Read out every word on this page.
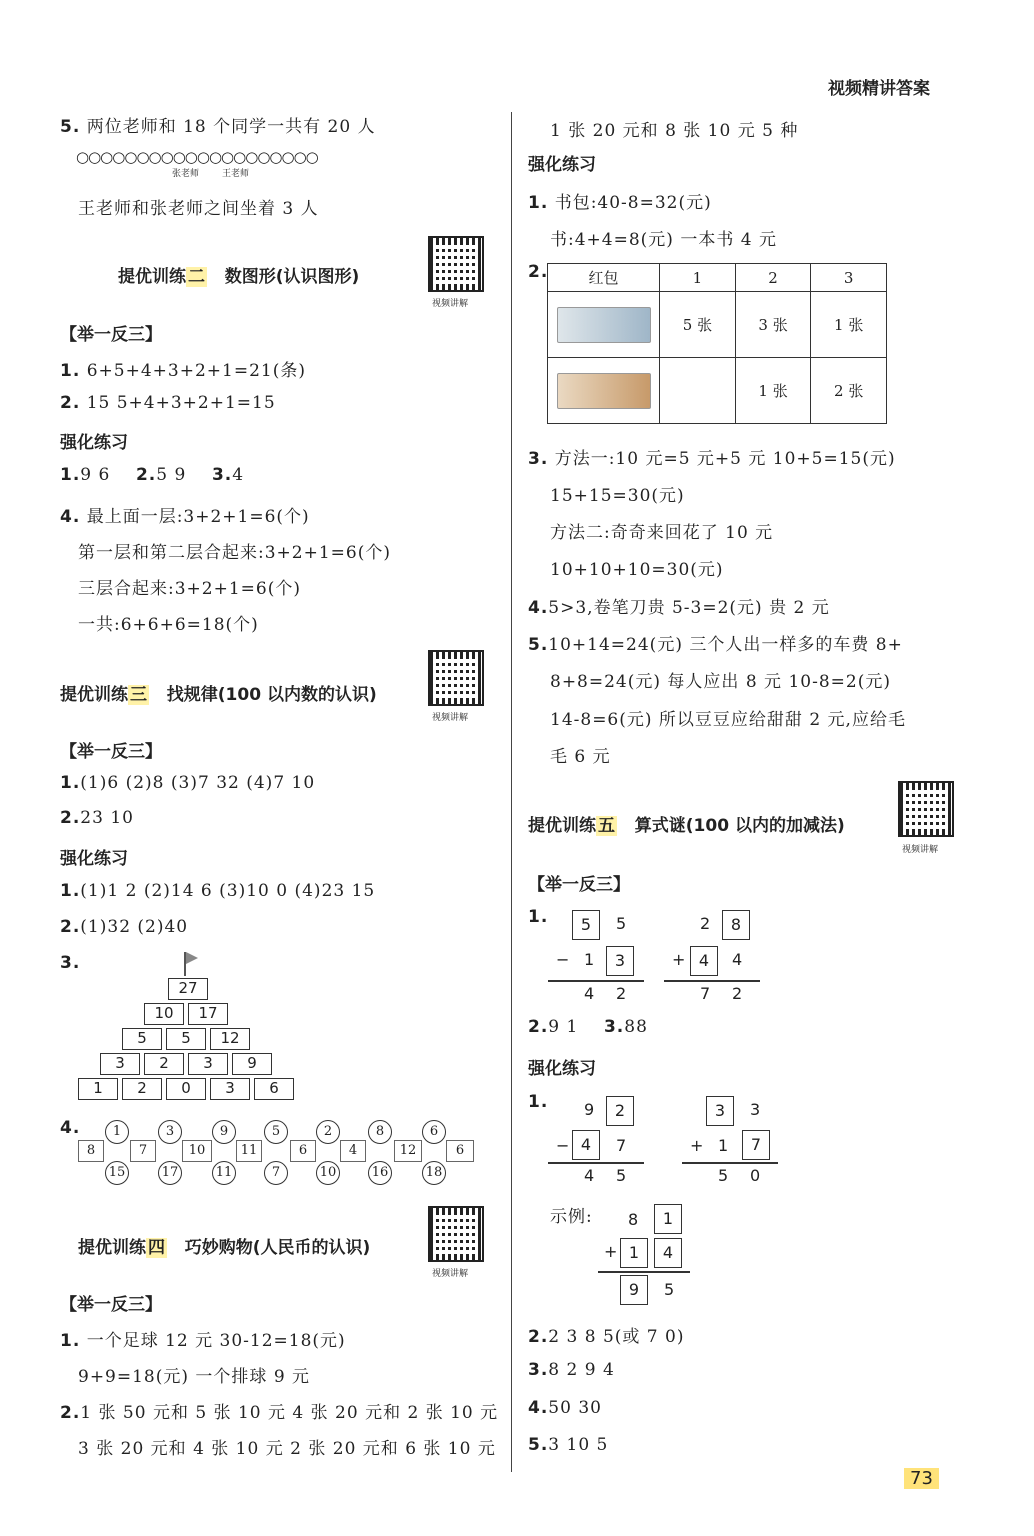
视频精讲答案
5. 两位老师和 18 个同学一共有 20 人
○○○○○○○○○○○○○○○○○○○○
张老师	王老师
王老师和张老师之间坐着 3 人
提优训练 二 数图形(认识图形)
视频讲解
【举一反三】
1. 6+5+4+3+2+1=21(条)
2. 15 5+4+3+2+1=15
强化练习
1.9 6 2.5 9 3.4
4. 最上面一层:3+2+1=6(个)
第一层和第二层合起来:3+2+1=6(个)
三层合起来:3+2+1=6(个)
一共:6+6+6=18(个)
提优训练 三 找规律(100 以内数的认识)
视频讲解
【举一反三】
1.(1)6 (2)8 (3)7 32 (4)7 10
2.23 10
强化练习
1.(1)1 2 (2)14 6 (3)10 0 (4)23 15
2.(1)32 (2)40
3.
27
10	17
5	5	12
3	2	3	9
1	2	0	3	6
4.
8	7	10	11	6	4	12	6
1	3	9	5	2	8	6
15	17	11	7	10	16	18
提优训练 四 巧妙购物(人民币的认识)
视频讲解
【举一反三】
1. 一个足球 12 元 30-12=18(元)
9+9=18(元) 一个排球 9 元
2.1 张 50 元和 5 张 10 元 4 张 20 元和 2 张 10 元
3 张 20 元和 4 张 10 元 2 张 20 元和 6 张 10 元
1 张 20 元和 8 张 10 元 5 种
强化练习
1. 书包:40-8=32(元)
书:4+4=8(元) 一本书 4 元
2.	红包	1	2	3

	5 张	3 张	1 张

		1 张	2 张
3. 方法一:10 元=5 元+5 元 10+5=15(元)
15+15=30(元)
方法二:奇奇来回花了 10 元
10+10+10=30(元)
4.5>3,卷笔刀贵 5-3=2(元) 贵 2 元
5.10+14=24(元) 三个人出一样多的车费 8+
8+8=24(元) 每人应出 8 元 10-8=2(元)
14-8=6(元) 所以豆豆应给甜甜 2 元,应给毛
毛 6 元
提优训练 五 算式谜(100 以内的加减法)
视频讲解
【举一反三】
1.	5	5
− 1	3
4 2
2	8
+ 4	4
7 2
2.9 1 3.88
强化练习
1. 9	2
− 4	7
4 5
3	3
+ 1	7
5 0
示例: 8	1
+ 1	4
9	5
2.2 3 8 5(或 7 0)
3.8 2 9 4
4.50 30
5.3 10 5
73
